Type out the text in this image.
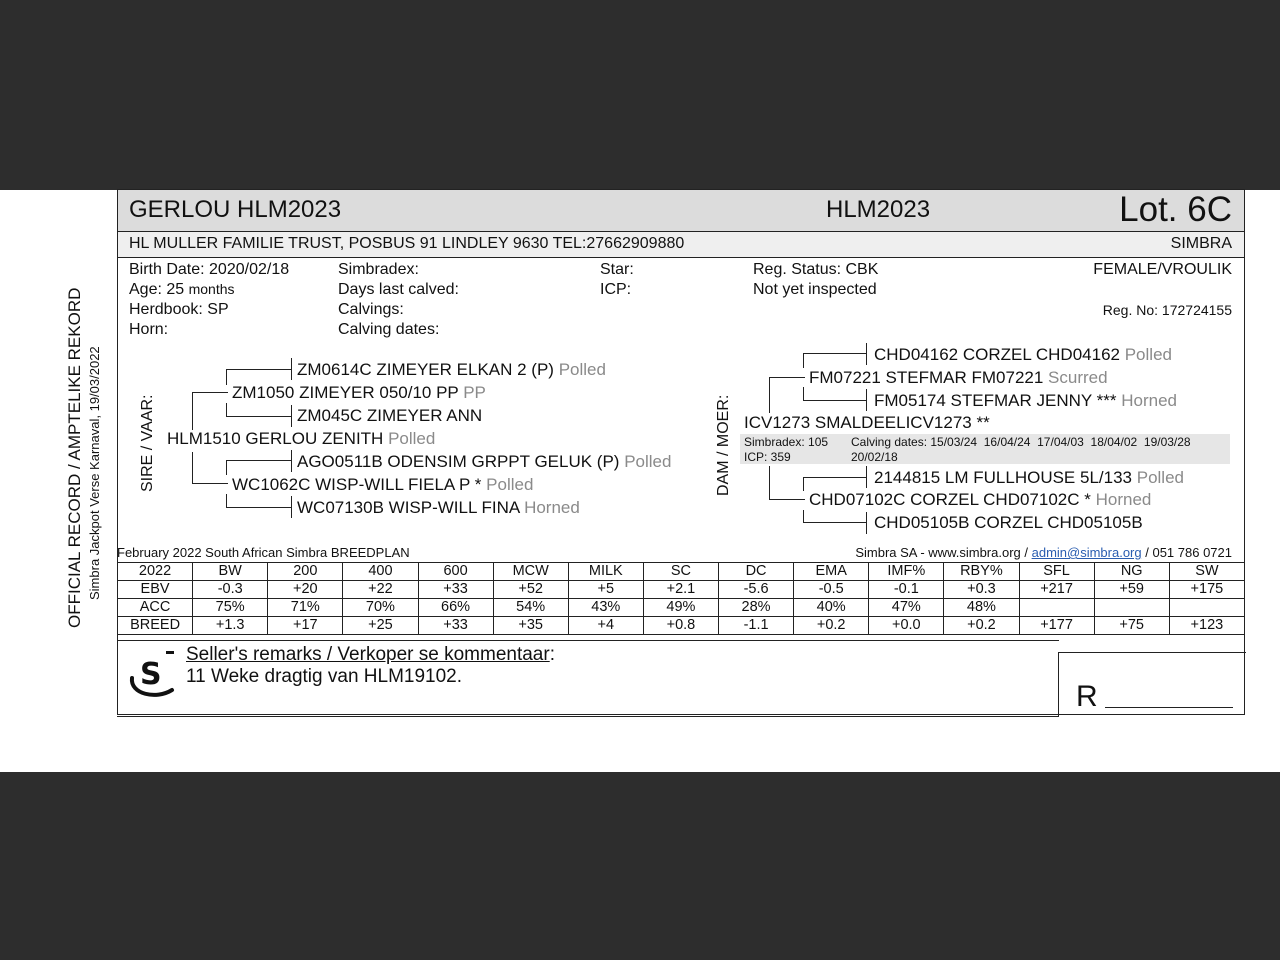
OFFICIAL RECORD / AMPTELIKE REKORD Simbra Jackpot Verse Karnaval, 19/03/2022
GERLOU HLM2023	HLM2023	Lot. 6C
HL MULLER FAMILIE TRUST, POSBUS 91 LINDLEY 9630 TEL:27662909880	SIMBRA
Birth Date: 2020/02/18
Age: 25 months
Herdbook: SP
Horn:
Simbradex:
Days last calved:
Calvings:
Calving dates:
Star:
ICP:
Reg. Status: CBK
Not yet inspected
FEMALE/VROULIK
Reg. No: 172724155
SIRE / VAAR:
ZM0614C ZIMEYER ELKAN 2 (P) Polled
ZM1050 ZIMEYER 050/10 PP PP
ZM045C ZIMEYER ANN
HLM1510 GERLOU ZENITH Polled
AGO0511B ODENSIM GRPPT GELUK (P) Polled
WC1062C WISP-WILL FIELA P * Polled
WC07130B WISP-WILL FINA Horned
DAM / MOER:
CHD04162 CORZEL CHD04162 Polled
FM07221 STEFMAR FM07221 Scurred
FM05174 STEFMAR JENNY *** Horned
ICV1273 SMALDEELICV1273 **
Simbradex: 105
ICP: 359
Calving dates: 15/03/24  16/04/24  17/04/03  18/04/02  19/03/28
20/02/18
2144815 LM FULLHOUSE 5L/133 Polled
CHD07102C CORZEL CHD07102C * Horned
CHD05105B CORZEL CHD05105B
February 2022 South African Simbra BREEDPLAN	Simbra SA - www.simbra.org / admin@simbra.org / 051 786 0721
2022	BW	200	400	600	MCW	MILK	SC	DC	EMA	IMF%	RBY%	SFL	NG	SW
EBV	-0.3	+20	+22	+33	+52	+5	+2.1	-5.6	-0.5	-0.1	+0.3	+217	+59	+175
ACC	75%	71%	70%	66%	54%	43%	49%	28%	40%	47%	48%			
BREED	+1.3	+17	+25	+33	+35	+4	+0.8	-1.1	+0.2	+0.0	+0.2	+177	+75	+123
S
Seller's remarks / Verkoper se kommentaar:
11 Weke dragtig van HLM19102.
R
